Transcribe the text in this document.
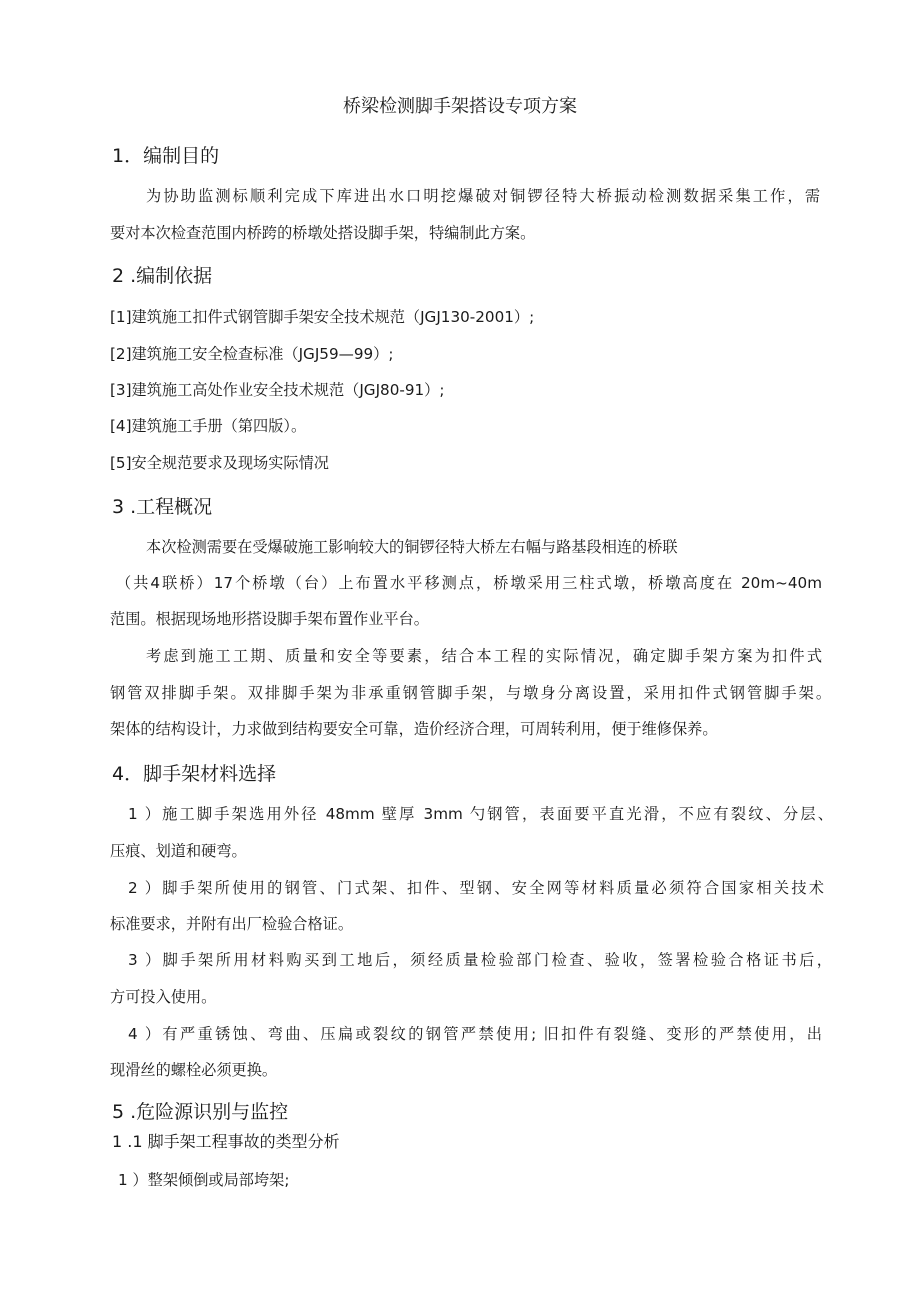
桥梁检测脚手架搭设专项方案
1．编制目的
为协助监测标顺利完成下库进出水口明挖爆破对铜锣径特大桥振动检测数据采集工作，需
要对本次检查范围内桥跨的桥墩处搭设脚手架，特编制此方案。
2 .编制依据
[1]建筑施工扣件式钢管脚手架安全技术规范（JGJ130-2001）;
[2]建筑施工安全检查标准（JGJ59—99）;
[3]建筑施工高处作业安全技术规范（JGJ80-91）;
[4]建筑施工手册（第四版）。
[5]安全规范要求及现场实际情况
3 .工程概况
本次检测需要在受爆破施工影响较大的铜锣径特大桥左右幅与路基段相连的桥联
（共4联桥）17个桥墩（台）上布置水平移测点，桥墩采用三柱式墩，桥墩高度在 20m~40m
范围。根据现场地形搭设脚手架布置作业平台。
考虑到施工工期、质量和安全等要素，结合本工程的实际情况，确定脚手架方案为扣件式
钢管双排脚手架。双排脚手架为非承重钢管脚手架，与墩身分离设置，采用扣件式钢管脚手架。
架体的结构设计，力求做到结构要安全可靠，造价经济合理，可周转利用，便于维修保养。
4．脚手架材料选择
1 ）施工脚手架选用外径 48mm 壁厚 3mm 勺钢管，表面要平直光滑，不应有裂纹、分层、
压痕、划道和硬弯。
2 ）脚手架所使用的钢管、门式架、扣件、型钢、安全网等材料质量必须符合国家相关技术
标准要求，并附有出厂检验合格证。
3 ）脚手架所用材料购买到工地后，须经质量检验部门检查、验收，签署检验合格证书后，
方可投入使用。
4 ）有严重锈蚀、弯曲、压扁或裂纹的钢管严禁使用; 旧扣件有裂缝、变形的严禁使用，出
现滑丝的螺栓必须更换。
5 .危险源识别与监控
1 .1 脚手架工程事故的类型分析
1 ）整架倾倒或局部垮架;
